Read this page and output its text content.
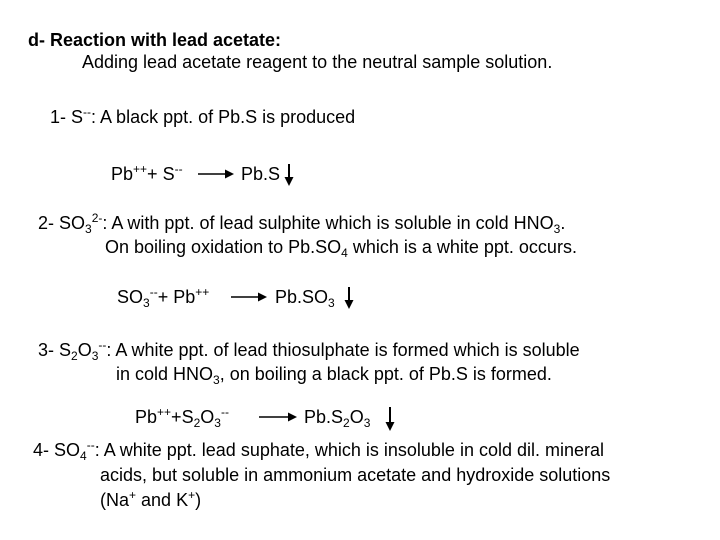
d- Reaction with lead acetate:
Adding lead acetate reagent to the neutral sample solution.
1- S--: A black ppt. of Pb.S is produced
Pb+++ S-- → Pb.S
2- $SO_3^{2-}$: A with ppt. of lead sulphite which is soluble in cold $HNO_3$.
On boiling oxidation to $Pb.SO_4$ which is a white ppt. occurs.
$SO_3^{--}+ Pb^{++} \to Pb.SO_3$
3- $S_2O_3^{--}$: A white ppt. of lead thiosulphate is formed which is soluble
in cold $HNO_3$, on boiling a black ppt. of Pb.S is formed.
$Pb^{++}+S_2O_3^{--} \to Pb.S_2O_3$
4- $SO_4^{--}$: A white ppt. lead suphate, which is insoluble in cold dil. mineral
acids, but soluble in ammonium acetate and hydroxide solutions
(Na+ and K+)
